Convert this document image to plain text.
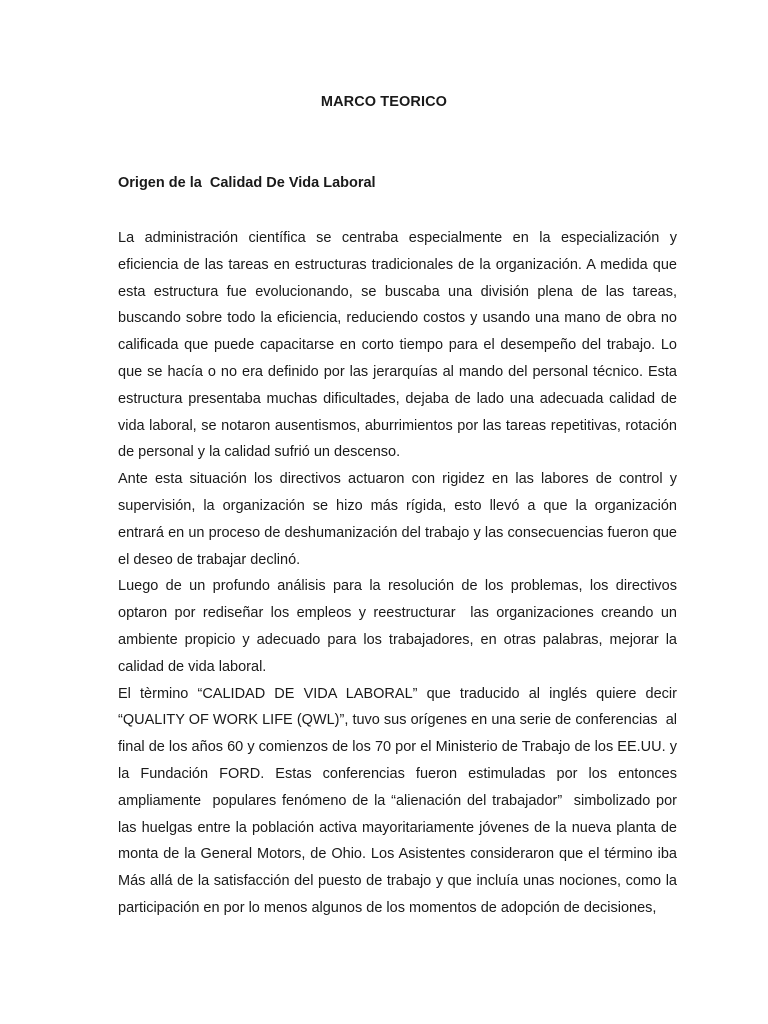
MARCO TEORICO
Origen de la  Calidad De Vida Laboral

La administración científica se centraba especialmente en la especialización y eficiencia de las tareas en estructuras tradicionales de la organización. A medida que esta estructura fue evolucionando, se buscaba una división plena de las tareas, buscando sobre todo la eficiencia, reduciendo costos y usando una mano de obra no calificada que puede capacitarse en corto tiempo para el desempeño del trabajo. Lo que se hacía o no era definido por las jerarquías al mando del personal técnico. Esta estructura presentaba muchas dificultades, dejaba de lado una adecuada calidad de vida laboral, se notaron ausentismos, aburrimientos por las tareas repetitivas, rotación de personal y la calidad sufrió un descenso.

Ante esta situación los directivos actuaron con rigidez en las labores de control y supervisión, la organización se hizo más rígida, esto llevó a que la organización entrará en un proceso de deshumanización del trabajo y las consecuencias fueron que el deseo de trabajar declinó.

Luego de un profundo análisis para la resolución de los problemas, los directivos optaron por rediseñar los empleos y reestructurar  las organizaciones creando un ambiente propicio y adecuado para los trabajadores, en otras palabras, mejorar la calidad de vida laboral.

El tèrmino “CALIDAD DE VIDA LABORAL” que traducido al inglés quiere decir “QUALITY OF WORK LIFE (QWL)”, tuvo sus orígenes en una serie de conferencias  al final de los años 60 y comienzos de los 70 por el Ministerio de Trabajo de los EE.UU. y la Fundación FORD. Estas conferencias fueron estimuladas por los entonces ampliamente  populares fenómeno de la “alienación del trabajador”  simbolizado por las huelgas entre la población activa mayoritariamente jóvenes de la nueva planta de monta de la General Motors, de Ohio. Los Asistentes consideraron que el término iba Más allá de la satisfacción del puesto de trabajo y que incluía unas nociones, como la participación en por lo menos algunos de los momentos de adopción de decisiones,
